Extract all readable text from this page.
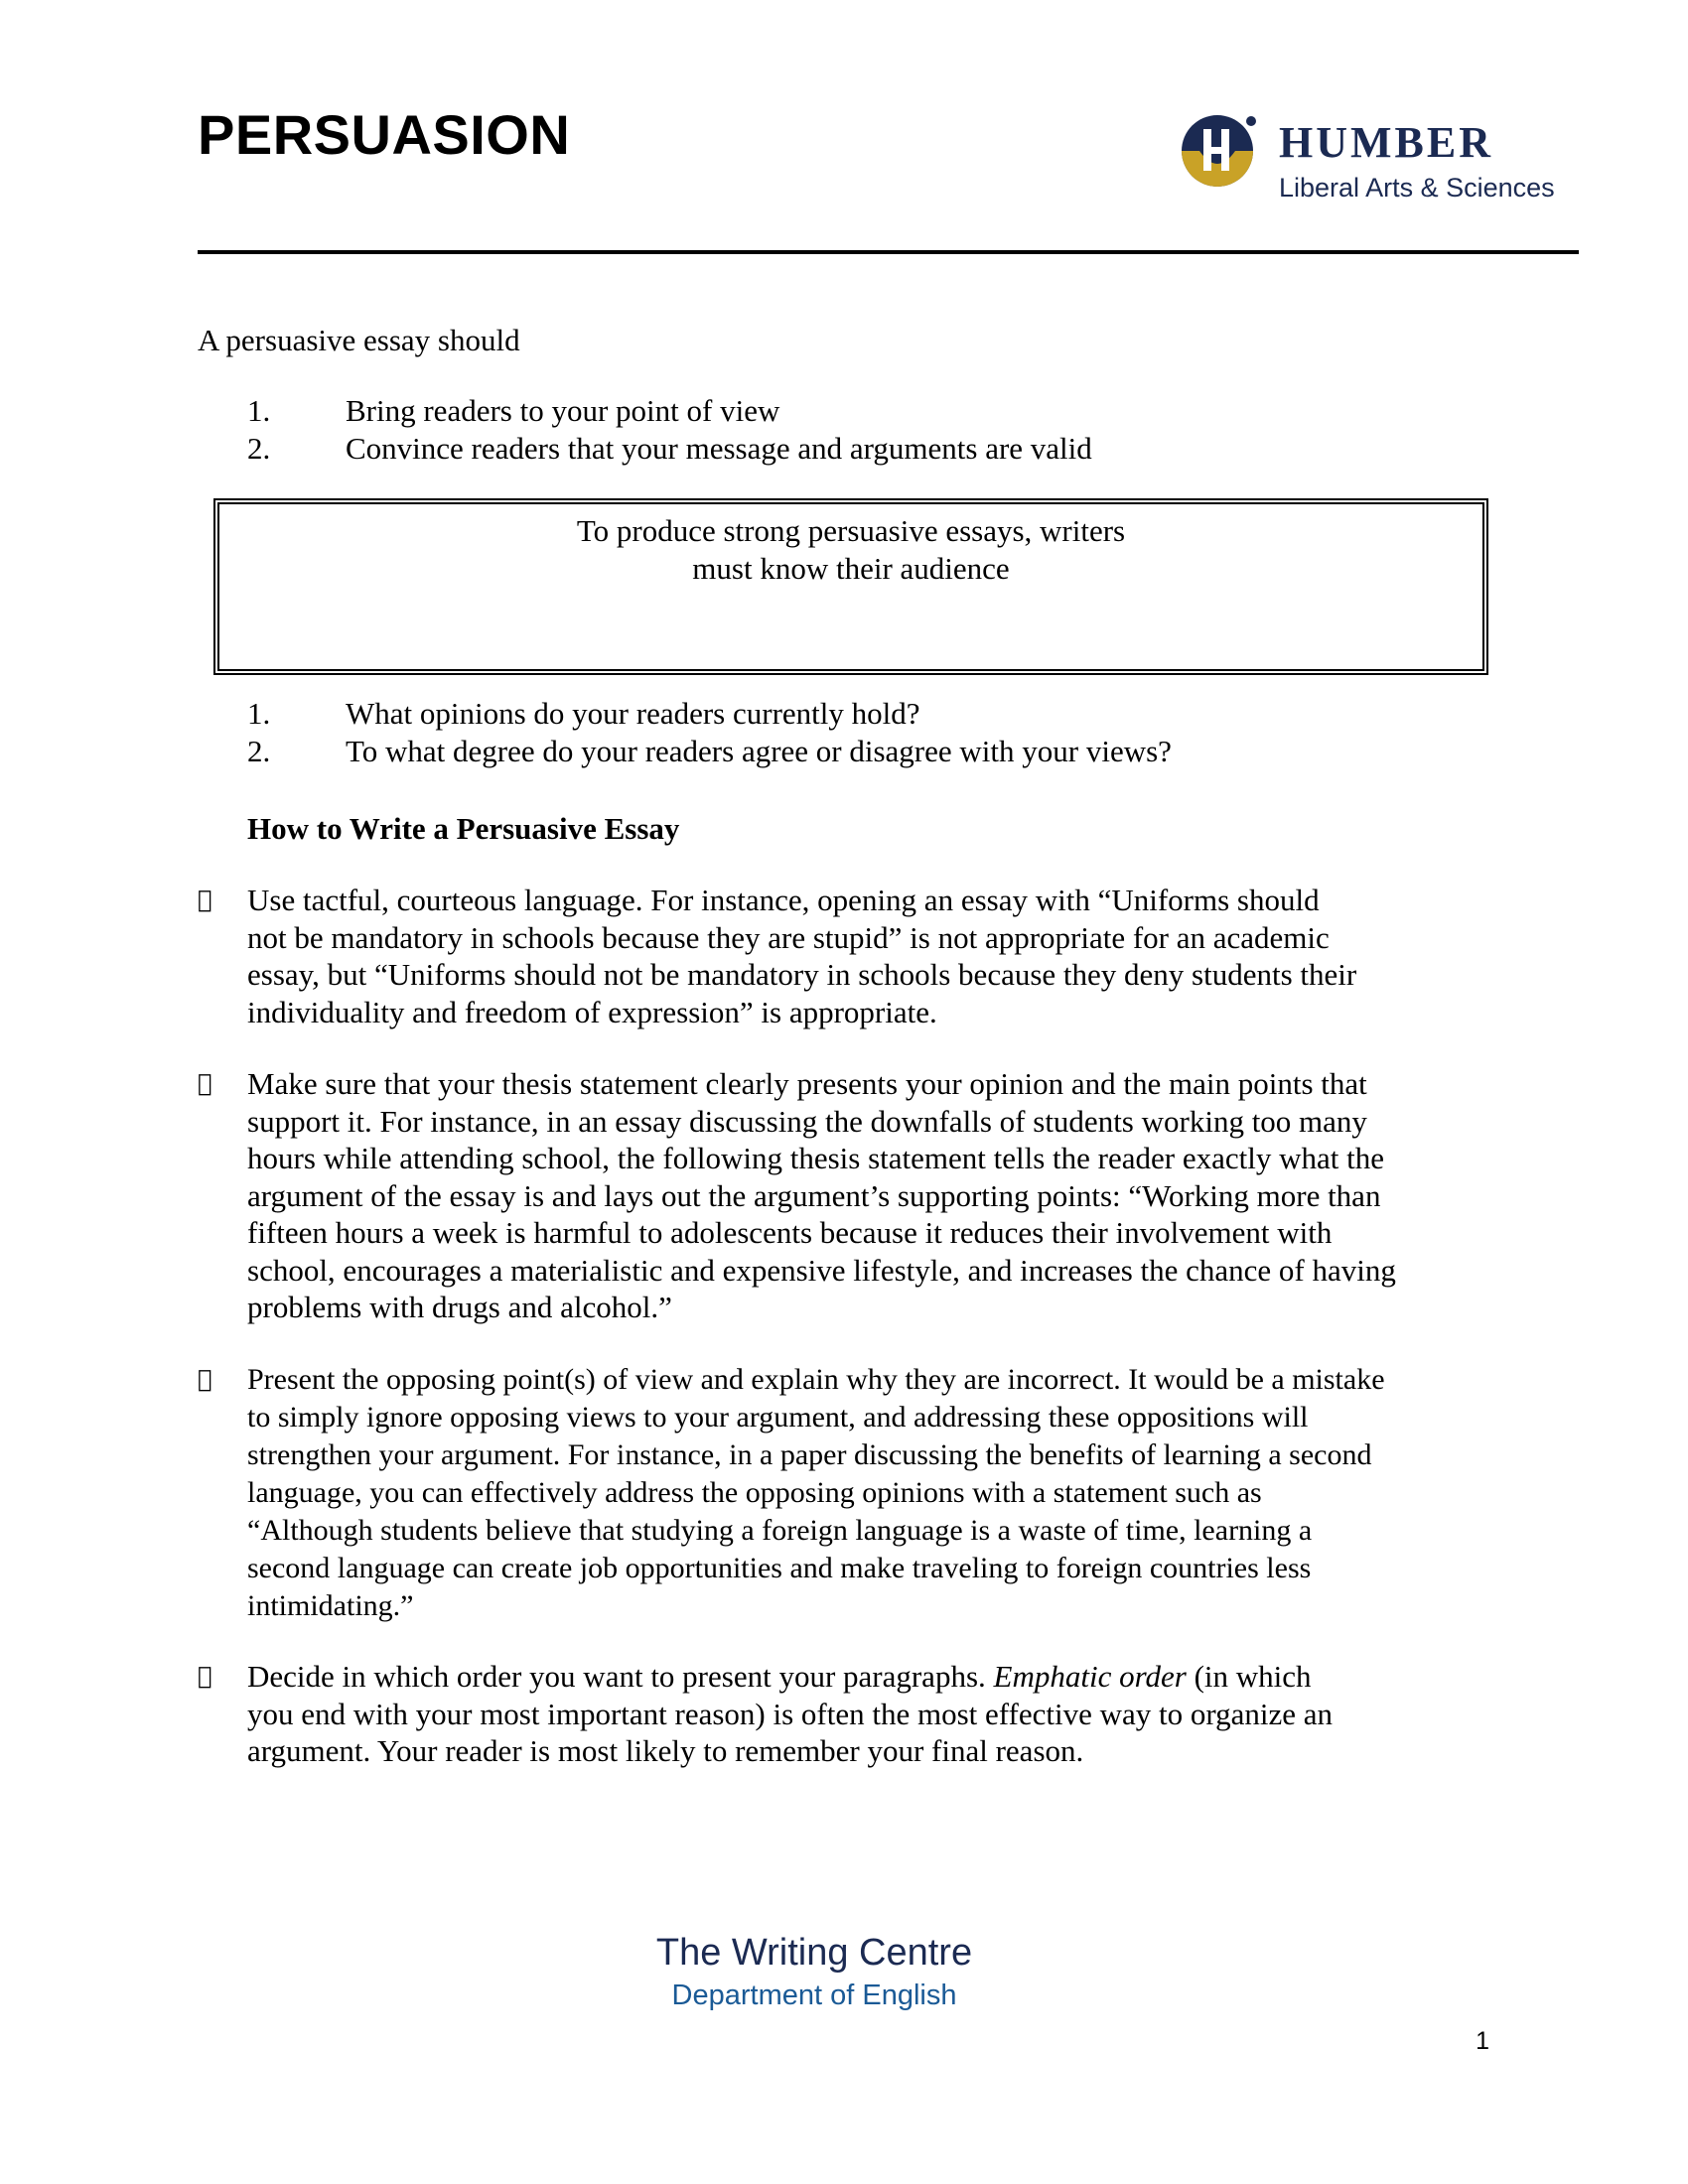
PERSUASION	HUMBER
Liberal Arts & Sciences
A persuasive essay should
1.	Bring readers to your point of view
2.	Convince readers that your message and arguments are valid
To produce strong persuasive essays, writers
must know their audience
1.	What opinions do your readers currently hold?
2.	To what degree do your readers agree or disagree with your views?
How to Write a Persuasive Essay
Use tactful, courteous language. For instance, opening an essay with “Uniforms should
not be mandatory in schools because they are stupid” is not appropriate for an academic
essay, but “Uniforms should not be mandatory in schools because they deny students their
individuality and freedom of expression” is appropriate.
Make sure that your thesis statement clearly presents your opinion and the main points that
support it. For instance, in an essay discussing the downfalls of students working too many
hours while attending school, the following thesis statement tells the reader exactly what the
argument of the essay is and lays out the argument’s supporting points: “Working more than
fifteen hours a week is harmful to adolescents because it reduces their involvement with
school, encourages a materialistic and expensive lifestyle, and increases the chance of having
problems with drugs and alcohol.”
Present the opposing point(s) of view and explain why they are incorrect. It would be a mistake
to simply ignore opposing views to your argument, and addressing these oppositions will
strengthen your argument. For instance, in a paper discussing the benefits of learning a second
language, you can effectively address the opposing opinions with a statement such as
“Although students believe that studying a foreign language is a waste of time, learning a
second language can create job opportunities and make traveling to foreign countries less
intimidating.”
Decide in which order you want to present your paragraphs. Emphatic order (in which
you end with your most important reason) is often the most effective way to organize an
argument. Your reader is most likely to remember your final reason.
The Writing Centre
Department of English
1
